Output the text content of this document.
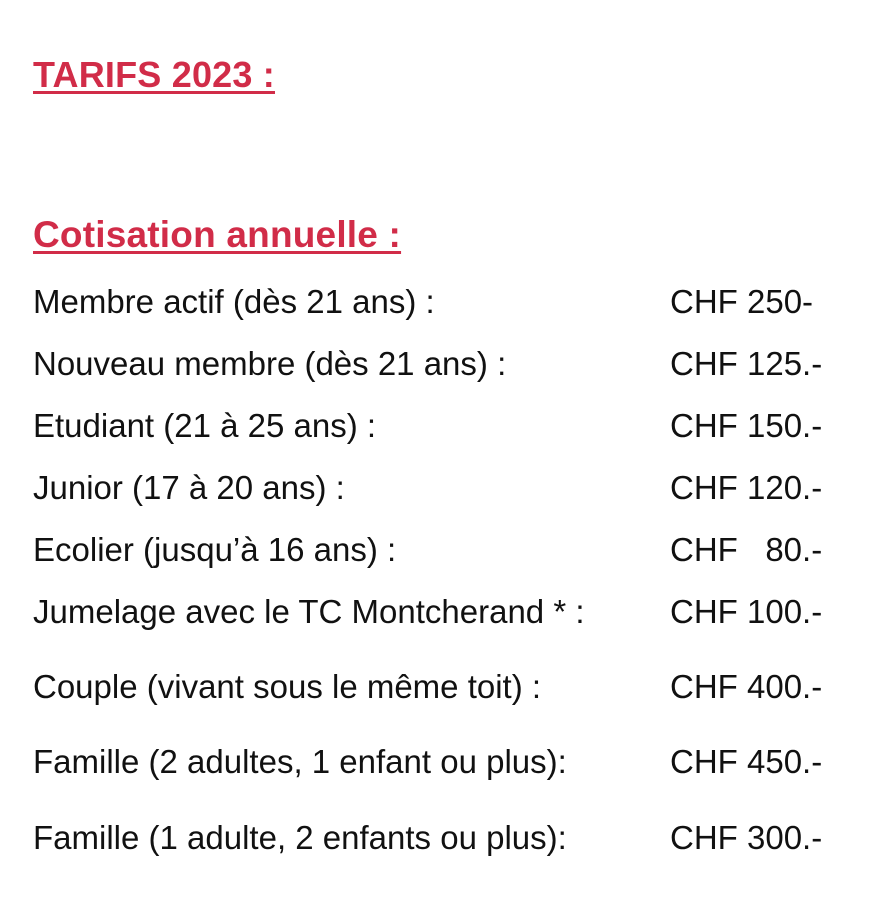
TARIFS 2023 :
Cotisation annuelle :
Membre actif (dès 21 ans) :	CHF 250-
Nouveau membre (dès 21 ans) :	CHF 125.-
Etudiant (21 à 25 ans) :	CHF 150.-
Junior (17 à 20 ans) :	CHF 120.-
Ecolier (jusqu’à 16 ans) :	CHF   80.-
Jumelage avec le TC Montcherand * :	CHF 100.-
Couple (vivant sous le même toit) :	CHF 400.-
Famille (2 adultes, 1 enfant ou plus):	CHF 450.-
Famille (1 adulte, 2 enfants ou plus):	CHF 300.-
